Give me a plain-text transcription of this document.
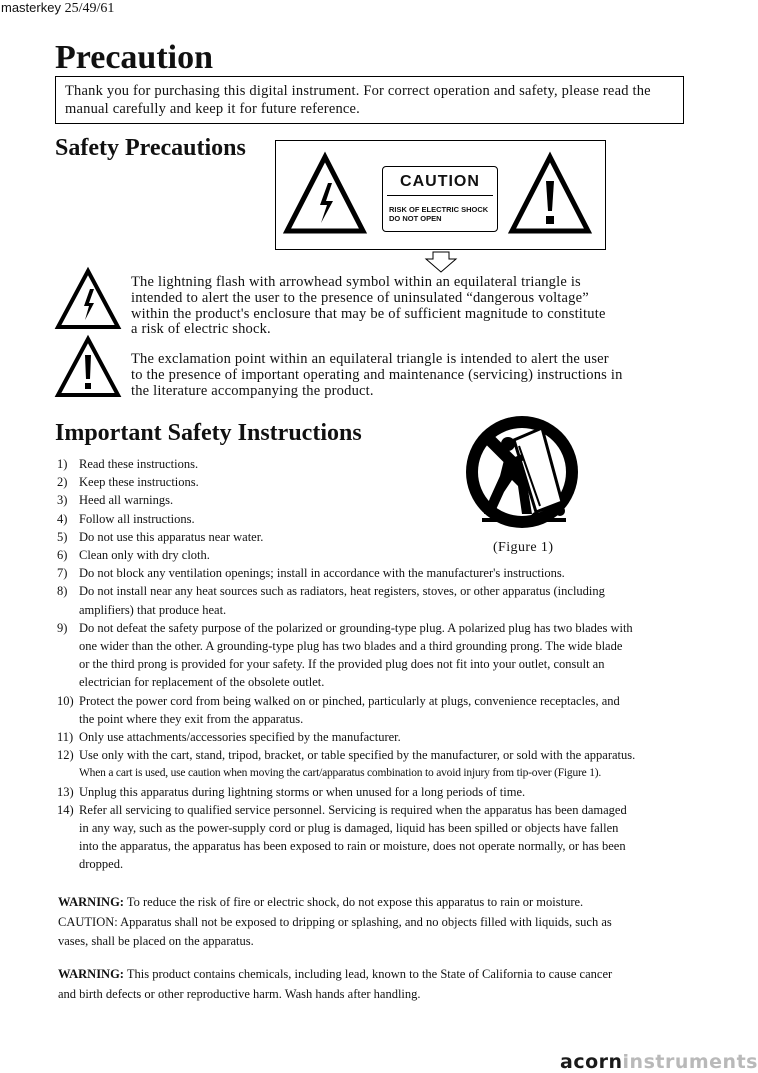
masterkey 25/49/61
Precaution
Thank you for purchasing this digital instrument. For correct operation and safety, please read the manual carefully and keep it for future reference.
Safety Precautions
CAUTION
RISK OF ELECTRIC SHOCK
DO NOT OPEN
The lightning flash with arrowhead symbol within an equilateral triangle is
intended to alert the user to the presence of uninsulated “dangerous voltage”
within the product's enclosure that may be of sufficient magnitude to constitute
a risk of electric shock.
The exclamation point within an equilateral triangle is intended to alert the user
to the presence of important operating and maintenance (servicing) instructions in
the literature accompanying the product.
Important Safety Instructions
(Figure 1)
1) Read these instructions.
2) Keep these instructions.
3) Heed all warnings.
4) Follow all instructions.
5) Do not use this apparatus near water.
6) Clean only with dry cloth.
7) Do not block any ventilation openings; install in accordance with the manufacturer's instructions.
8) Do not install near any heat sources such as radiators, heat registers, stoves, or other apparatus (including
amplifiers) that produce heat.
9) Do not defeat the safety purpose of the polarized or grounding-type plug. A polarized plug has two blades with
one wider than the other. A grounding-type plug has two blades and a third grounding prong. The wide blade
or the third prong is provided for your safety. If the provided plug does not fit into your outlet, consult an
electrician for replacement of the obsolete outlet.
10) Protect the power cord from being walked on or pinched, particularly at plugs, convenience receptacles, and
the point where they exit from the apparatus.
11) Only use attachments/accessories specified by the manufacturer.
12) Use only with the cart, stand, tripod, bracket, or table specified by the manufacturer, or sold with the apparatus.
When a cart is used, use caution when moving the cart/apparatus combination to avoid injury from tip-over (Figure 1).
13) Unplug this apparatus during lightning storms or when unused for a long periods of time.
14) Refer all servicing to qualified service personnel. Servicing is required when the apparatus has been damaged
in any way, such as the power-supply cord or plug is damaged, liquid has been spilled or objects have fallen
into the apparatus, the apparatus has been exposed to rain or moisture, does not operate normally, or has been
dropped.
WARNING: To reduce the risk of fire or electric shock, do not expose this apparatus to rain or moisture.
CAUTION: Apparatus shall not be exposed to dripping or splashing, and no objects filled with liquids, such as
vases, shall be placed on the apparatus.
WARNING: This product contains chemicals, including lead, known to the State of California to cause cancer
and birth defects or other reproductive harm. Wash hands after handling.
acorninstruments
